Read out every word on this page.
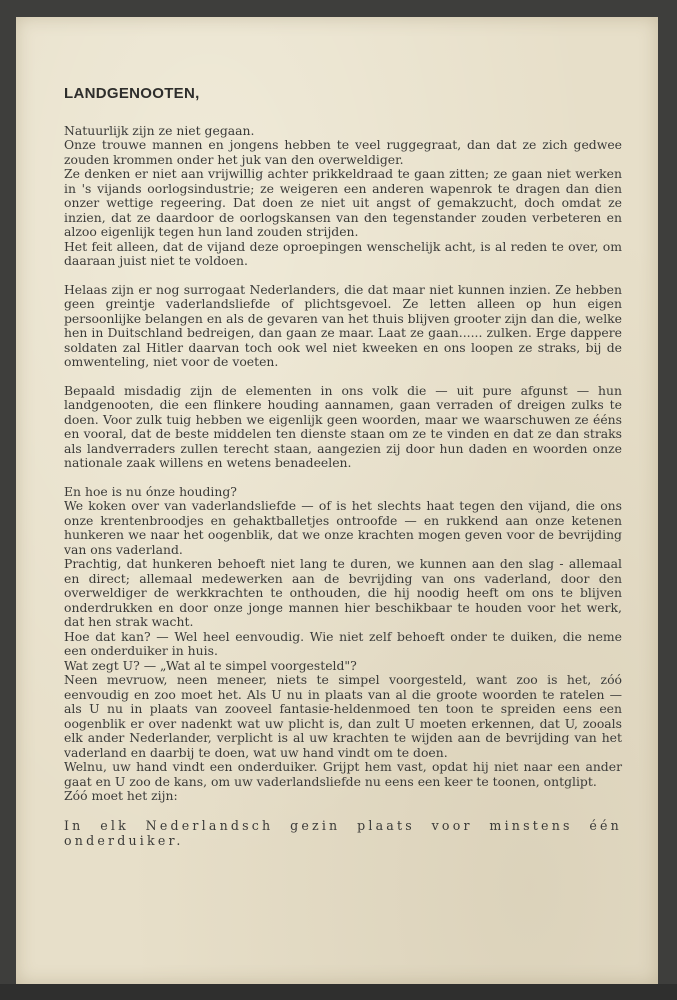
LANDGENOOTEN,
Natuurlijk zijn ze niet gegaan.
Onze trouwe mannen en jongens hebben te veel ruggegraat, dan dat ze zich gedwee zouden krommen onder het juk van den overweldiger.
Ze denken er niet aan vrijwillig achter prikkeldraad te gaan zitten; ze gaan niet werken in 's vijands oorlogsindustrie; ze weigeren een anderen wapenrok te dragen dan dien onzer wettige regeering. Dat doen ze niet uit angst of gemakzucht, doch omdat ze inzien, dat ze daardoor de oorlogskansen van den tegenstander zouden verbeteren en alzoo eigenlijk tegen hun land zouden strijden.
Het feit alleen, dat de vijand deze oproepingen wenschelijk acht, is al reden te over, om daaraan juist niet te voldoen.
Helaas zijn er nog surrogaat Nederlanders, die dat maar niet kunnen inzien. Ze hebben geen greintje vaderlandsliefde of plichtsgevoel. Ze letten alleen op hun eigen persoonlijke belangen en als de gevaren van het thuis blijven grooter zijn dan die, welke hen in Duitschland bedreigen, dan gaan ze maar. Laat ze gaan...... zulken. Erge dappere soldaten zal Hitler daarvan toch ook wel niet kweeken en ons loopen ze straks, bij de omwenteling, niet voor de voeten.
Bepaald misdadig zijn de elementen in ons volk die — uit pure afgunst — hun landgenooten, die een flinkere houding aannamen, gaan verraden of dreigen zulks te doen. Voor zulk tuig hebben we eigenlijk geen woorden, maar we waarschuwen ze ééns en vooral, dat de beste middelen ten dienste staan om ze te vinden en dat ze dan straks als landverraders zullen terecht staan, aangezien zij door hun daden en woorden onze nationale zaak willens en wetens benadeelen.
En hoe is nu ónze houding?
We koken over van vaderlandsliefde — of is het slechts haat tegen den vijand, die ons onze krentenbroodjes en gehaktballetjes ontroofde — en rukkend aan onze ketenen hunkeren we naar het oogenblik, dat we onze krachten mogen geven voor de bevrijding van ons vaderland.
Prachtig, dat hunkeren behoeft niet lang te duren, we kunnen aan den slag - allemaal en direct; allemaal medewerken aan de bevrijding van ons vaderland, door den overweldiger de werkkrachten te onthouden, die hij noodig heeft om ons te blijven onderdrukken en door onze jonge mannen hier beschikbaar te houden voor het werk, dat hen strak wacht.
Hoe dat kan? — Wel heel eenvoudig. Wie niet zelf behoeft onder te duiken, die neme een onderduiker in huis.
Wat zegt U? — „Wat al te simpel voorgesteld"?
Neen mevruow, neen meneer, niets te simpel voorgesteld, want zoo is het, zóó eenvoudig en zoo moet het. Als U nu in plaats van al die groote woorden te ratelen — als U nu in plaats van zooveel fantasie-heldenmoed ten toon te spreiden eens een oogenblik er over nadenkt wat uw plicht is, dan zult U moeten erkennen, dat U, zooals elk ander Nederlander, verplicht is al uw krachten te wijden aan de bevrijding van het vaderland en daarbij te doen, wat uw hand vindt om te doen.
Welnu, uw hand vindt een onderduiker. Grijpt hem vast, opdat hij niet naar een ander gaat en U zoo de kans, om uw vaderlandsliefde nu eens een keer te toonen, ontglipt.
Zóó moet het zijn:
In elk Nederlandsch gezin plaats voor minstens één onderduiker.
